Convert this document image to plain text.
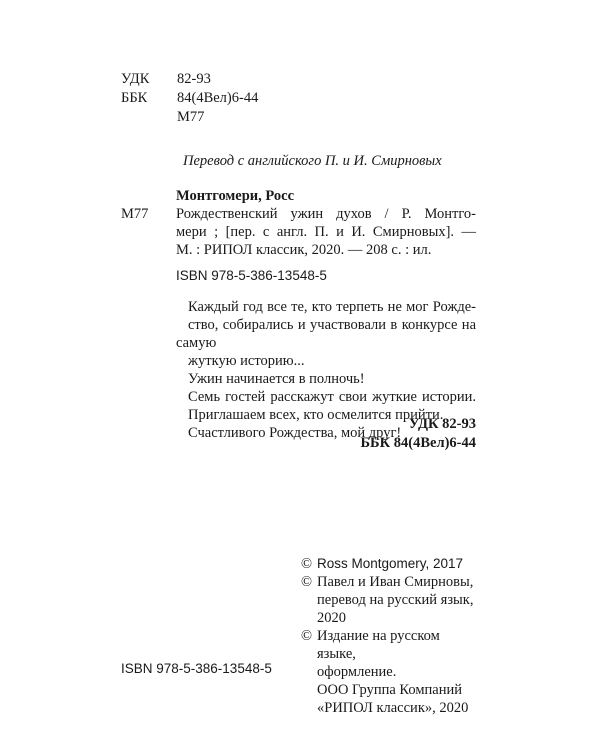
УДК	82-93
ББК	84(4Вел)6-44
М77
Перевод с английского П. и И. Смирновых
Монтгомери, Росс
М77 Рождественский ужин духов / Р. Монтго-
мери ; [пер. с англ. П. и И. Смирновых]. —
М. : РИПОЛ классик, 2020. — 208 с. : ил.
ISBN 978-5-386-13548-5

Каждый год все те, кто терпеть не мог Рожде-
ство, собирались и участвовали в конкурсе на самую
жуткую историю...

Ужин начинается в полночь!

Семь гостей расскажут свои жуткие истории.
Приглашаем всех, кто осмелится прийти.

Счастливого Рождества, мой друг!

УДК 82-93
ББК 84(4Вел)6-44
© Ross Montgomery, 2017
© Павел и Иван Смирновы,
перевод на русский язык,
2020
© Издание на русском языке,
оформление.
ООО Группа Компаний
«РИПОЛ классик», 2020
ISBN 978-5-386-13548-5
